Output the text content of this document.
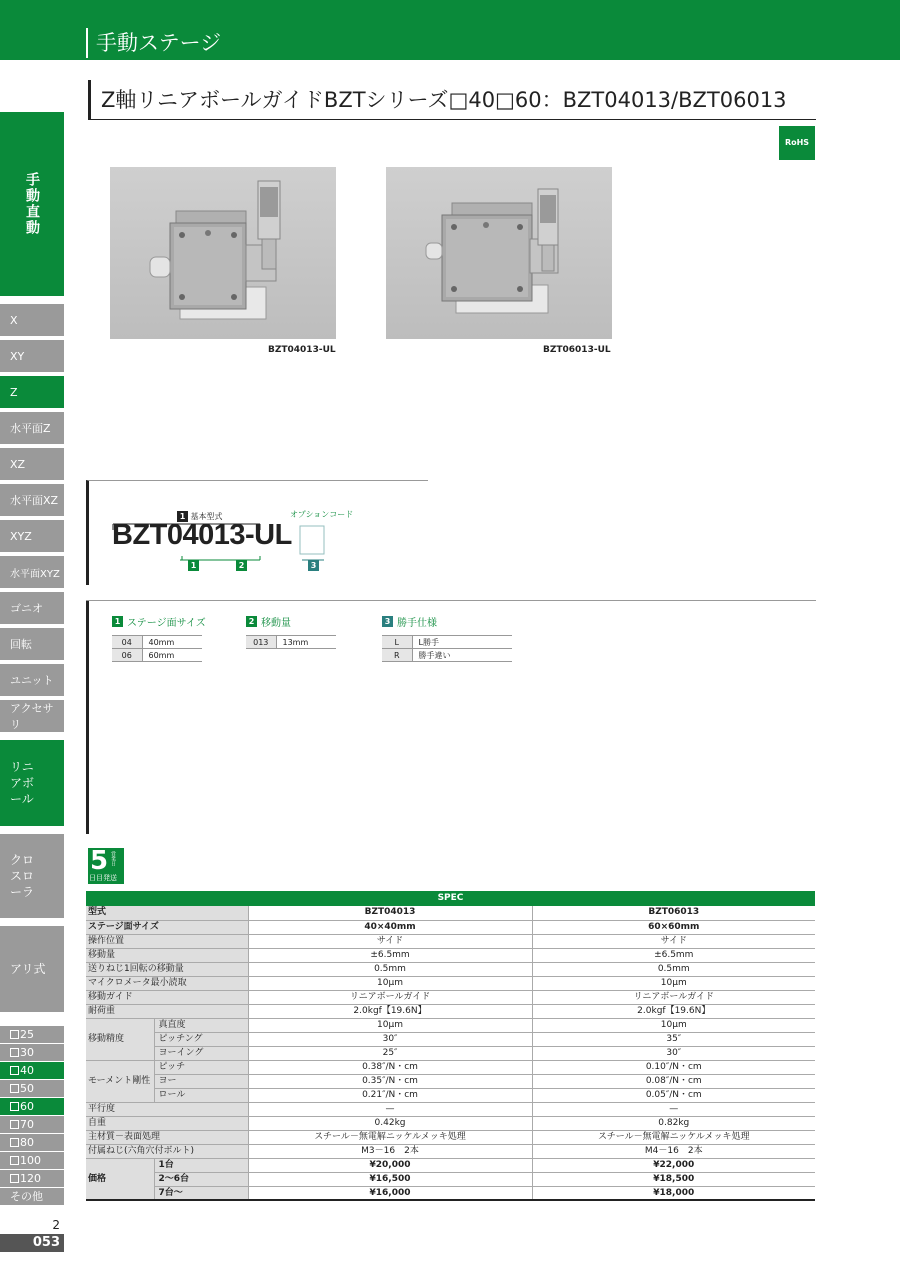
手動ステージ
Z軸リニアボールガイドBZTシリーズ□40□60：BZT04013/BZT06013
RoHS
手動直動
X
XY
Z
水平面Z
XZ
水平面XZ
XYZ
水平面XYZ
ゴニオ
回転
ユニット
アクセサリ
リニアボール
クロスローラ
アリ式
25
30
40
50
60
70
80
100
120
その他
2
053
BZT04013-UL	BZT06013-UL
1 基本型式	オプションコード
BZT04013-UL
1	2	3
1 ステージ面サイズ
04	40mm
06	60mm
2 移動量
013	13mm
3 勝手仕様
L	L勝手
R	勝手違い
5 営業日
日目発送
SPEC
型式		BZT04013	BZT06013
ステージ面サイズ		40×40mm	60×60mm
操作位置		サイド	サイド
移動量		±6.5mm	±6.5mm
送りねじ1回転の移動量		0.5mm	0.5mm
マイクロメータ最小読取		10μm	10μm
移動ガイド		リニアボールガイド	リニアボールガイド
耐荷重		2.0kgf【19.6N】	2.0kgf【19.6N】
移動精度	真直度	10μm	10μm
	ピッチング	30″	35″
	ヨーイング	25″	30″
モーメント剛性	ピッチ	0.38″/N・cm	0.10″/N・cm
	ヨー	0.35″/N・cm	0.08″/N・cm
	ロール	0.21″/N・cm	0.05″/N・cm
平行度		—	—
自重		0.42kg	0.82kg
主材質－表面処理		スチール－無電解ニッケルメッキ処理	スチール－無電解ニッケルメッキ処理
付属ねじ(六角穴付ボルト)		M3－16　2本	M4－16　2本
価格	1台	¥20,000	¥22,000
	2～6台	¥16,500	¥18,500
	7台～	¥16,000	¥18,000
